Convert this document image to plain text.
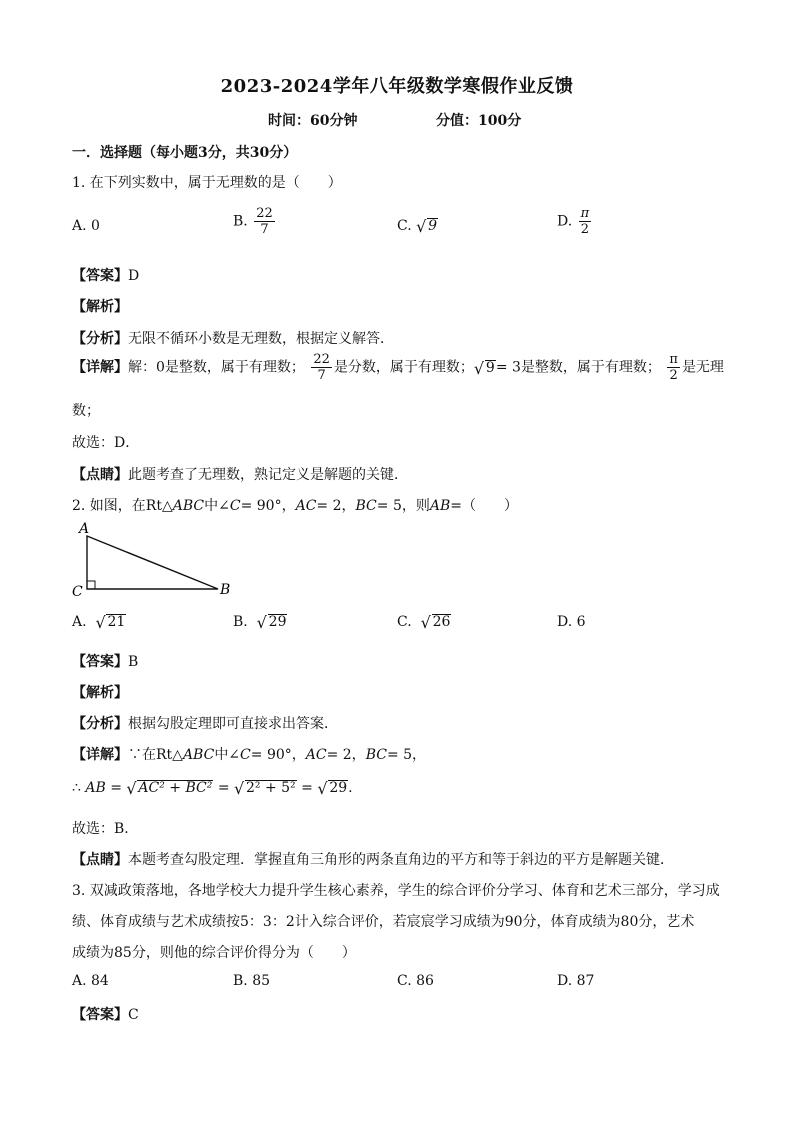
2023-2024学年八年级数学寒假作业反馈
时间：60分钟	分值：100分
一．选择题（每小题3分，共30分）
1. 在下列实数中，属于无理数的是（　　）
A. 0	B. $\frac{22}{7}$	C. √ 9	D. $\frac{\pi}{2}$
【答案】D
【解析】
【分析】无限不循环小数是无理数，根据定义解答．
【详解】解：0是整数，属于有理数； $\frac{22}{7}$ 是分数，属于有理数； √ 9= 3是整数，属于有理数； $\frac{\pi}{2}$ 是无理
数；
故选：D．
【点睛】此题考查了无理数，熟记定义是解题的关键．
2. 如图，在Rt△ABC中∠C= 90°，AC= 2，BC= 5，则AB=（　　）
A
C	B
A. √ 21	B. √ 29	C. √ 26	D. 6
【答案】B
【解析】
【分析】根据勾股定理即可直接求出答案．
【详解】∵在Rt△ABC中∠C= 90°，AC= 2，BC= 5，
∴ AB = √ AC² + BC² = √ 2² + 5² = √ 29.
故选：B．
【点睛】本题考查勾股定理．掌握直角三角形的两条直角边的平方和等于斜边的平方是解题关键．
3. 双减政策落地，各地学校大力提升学生核心素养，学生的综合评价分学习、体育和艺术三部分，学习成
绩、体育成绩与艺术成绩按5：3：2计入综合评价，若宸宸学习成绩为90分，体育成绩为80分，艺术
成绩为85分，则他的综合评价得分为（　　）
A. 84	B. 85	C. 86	D. 87
【答案】C
